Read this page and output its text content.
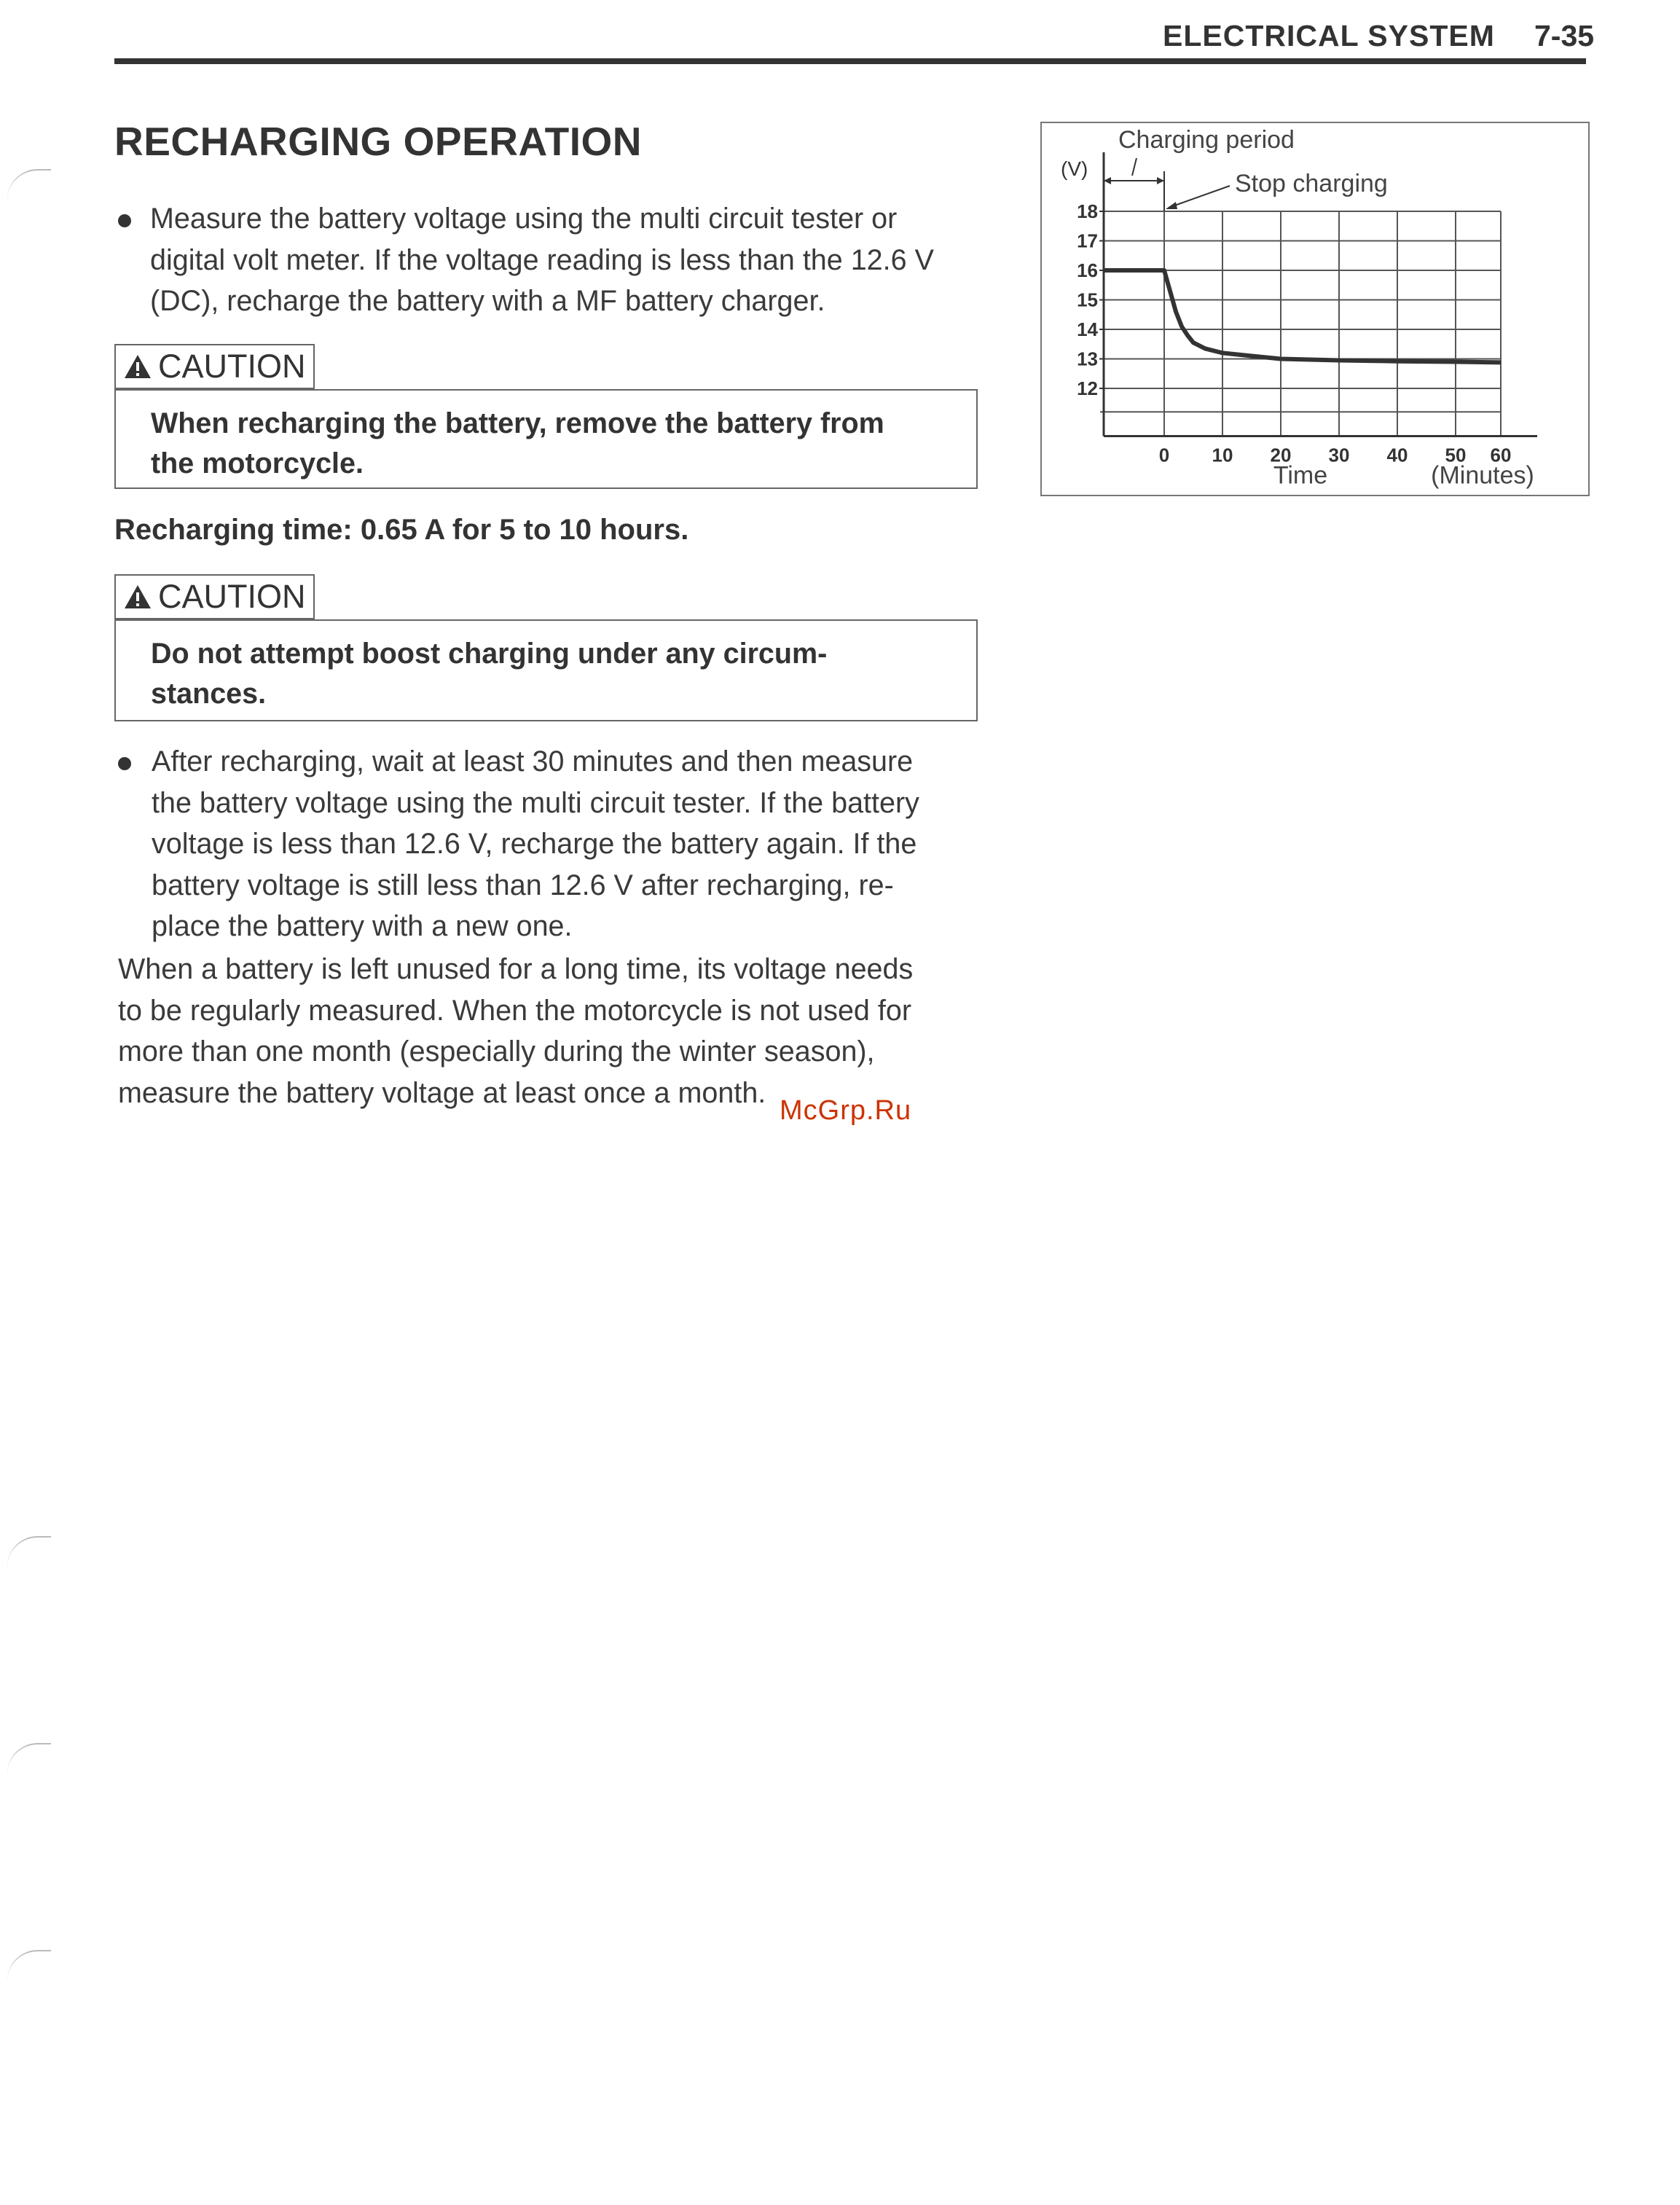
ELECTRICAL SYSTEM 7-35
RECHARGING OPERATION
Measure the battery voltage using the multi circuit tester or
digital volt meter. If the voltage reading is less than the 12.6 V
(DC), recharge the battery with a MF battery charger.
CAUTION
When recharging the battery, remove the battery from
the motorcycle.
Recharging time: 0.65 A for 5 to 10 hours.
CAUTION
Do not attempt boost charging under any circum-
stances.
After recharging, wait at least 30 minutes and then measure
the battery voltage using the multi circuit tester. If the battery
voltage is less than 12.6 V, recharge the battery again. If the
battery voltage is still less than 12.6 V after recharging, re-
place the battery with a new one.
When a battery is left unused for a long time, its voltage needs
to be regularly measured. When the motorcycle is not used for
more than one month (especially during the winter season),
measure the battery voltage at least once a month.
McGrp.Ru
18
17
16
15
14
13
12
(V)
0 10 20 30 40 50 60
Time	(Minutes)
Charging period
Stop charging
